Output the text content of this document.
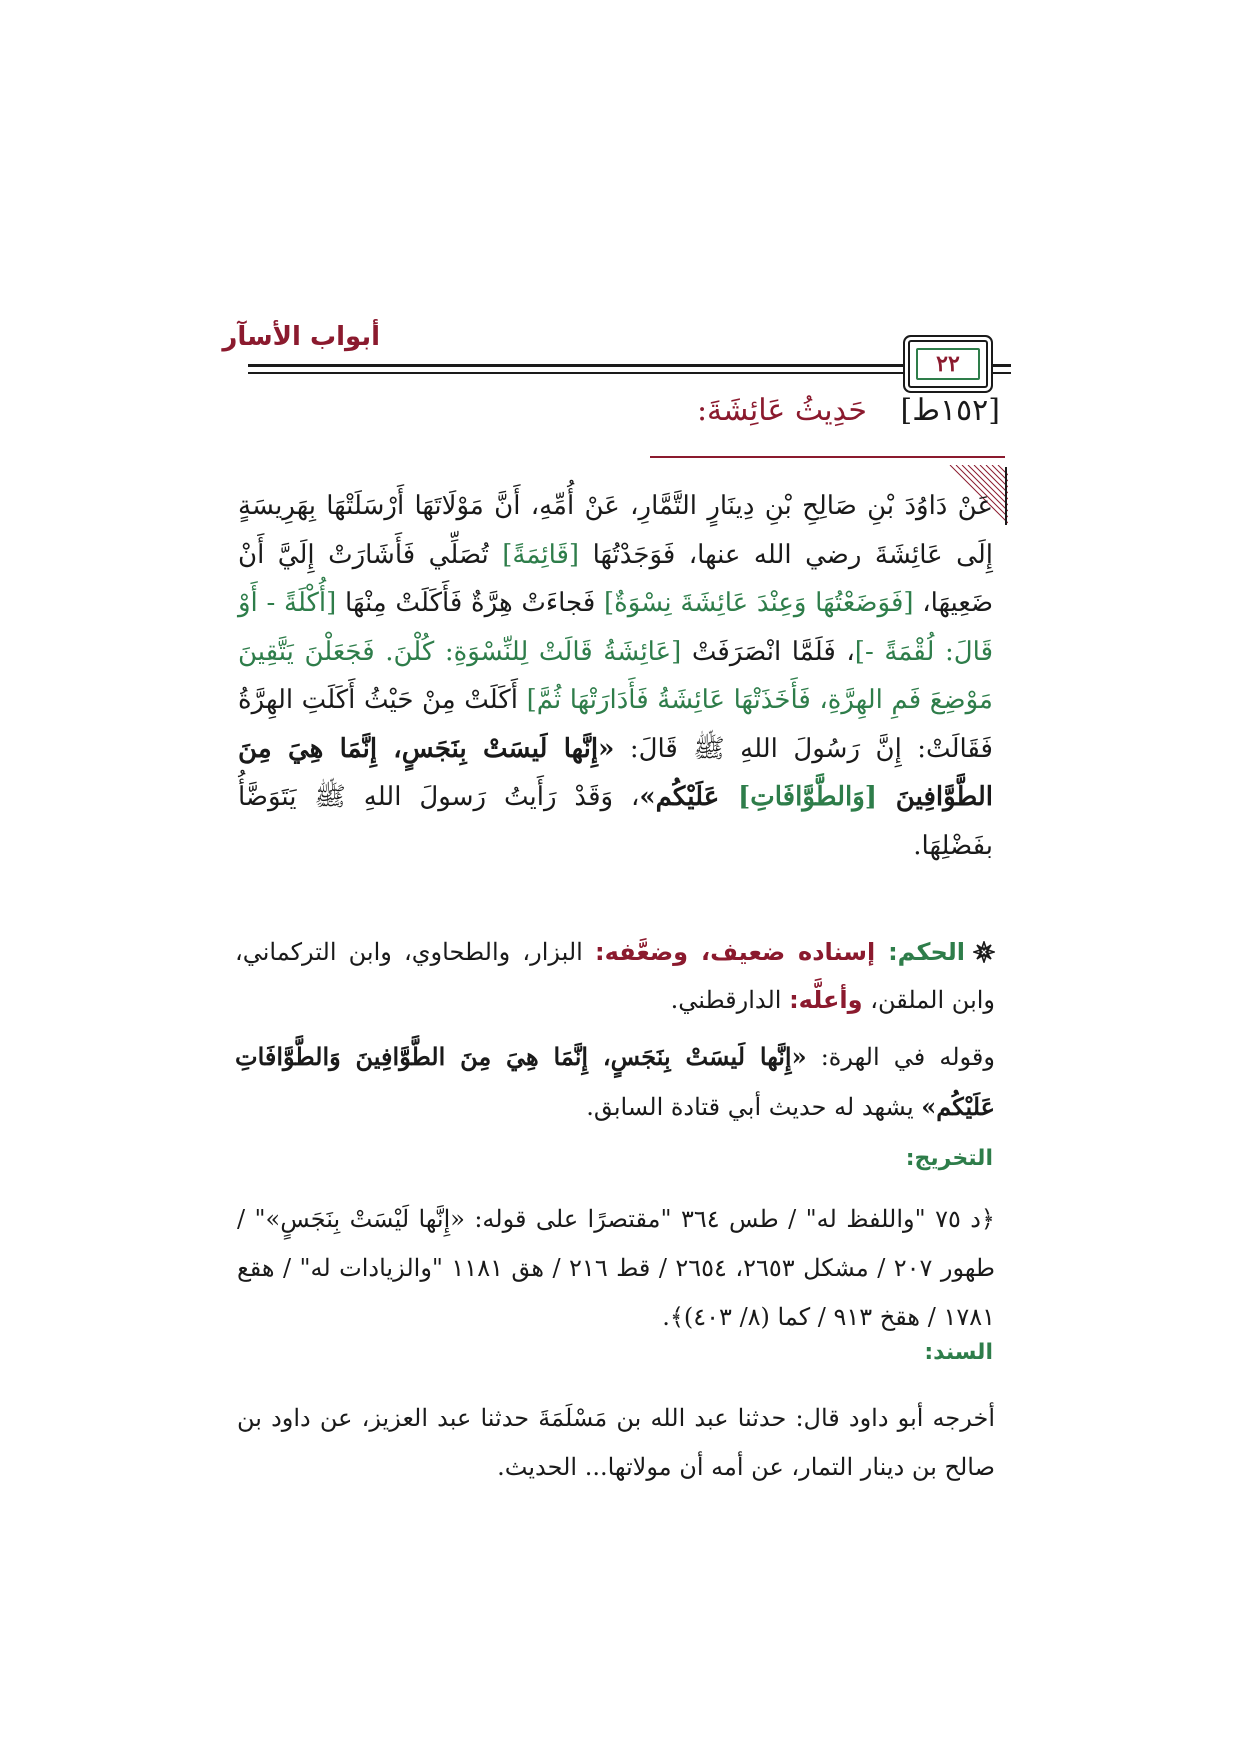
أبواب الأسآر
٢٢
[١٥٢ط] حَدِيثُ عَائِشَةَ:
عَنْ دَاوُدَ بْنِ صَالِحِ بْنِ دِينَارٍ التَّمَّارِ، عَنْ أُمِّهِ، أَنَّ مَوْلَاتَهَا أَرْسَلَتْهَا بِهَرِيسَةٍ إِلَى عَائِشَةَ رضي الله عنها، فَوَجَدْتُهَا [قَائِمَةً] تُصَلِّي فَأَشَارَتْ إِلَيَّ أَنْ ضَعِيهَا، [فَوَضَعْتُهَا وَعِنْدَ عَائِشَةَ نِسْوَةٌ] فَجاءَتْ هِرَّةٌ فَأَكَلَتْ مِنْهَا [أُكْلَةً - أَوْ قَالَ: لُقْمَةً -]، فَلَمَّا انْصَرَفَتْ [عَائِشَةُ قَالَتْ لِلنِّسْوَةِ: كُلْنَ. فَجَعَلْنَ يَتَّقِينَ مَوْضِعَ فَمِ الهِرَّةِ، فَأَخَذَتْهَا عَائِشَةُ فَأَدَارَتْهَا ثُمَّ] أَكَلَتْ مِنْ حَيْثُ أَكَلَتِ الهِرَّةُ فَقَالَتْ: إِنَّ رَسُولَ اللهِ ﷺ قَالَ: «إِنَّها لَيسَتْ بِنَجَسٍ، إِنَّمَا هِيَ مِنَ الطَّوَّافِينَ [وَالطَّوَّافَاتِ] عَلَيْكُم»، وَقَدْ رَأَيتُ رَسولَ اللهِ ﷺ يَتَوَضَّأُ بفَضْلِهَا.
الحكم: إسناده ضعيف، وضعَّفه: البزار، والطحاوي، وابن التركماني، وابن الملقن، وأعلَّه: الدارقطني.
وقوله في الهرة: «إِنَّها لَيسَتْ بِنَجَسٍ، إِنَّمَا هِيَ مِنَ الطَّوَّافِينَ وَالطَّوَّافَاتِ عَلَيْكُم» يشهد له حديث أبي قتادة السابق.
التخريج:
﴿د ٧٥ "واللفظ له" / طس ٣٦٤ "مقتصرًا على قوله: «إِنَّها لَيْسَتْ بِنَجَسٍ»" / طهور ٢٠٧ / مشكل ٢٦٥٣، ٢٦٥٤ / قط ٢١٦ / هق ١١٨١ "والزيادات له" / هقع ١٧٨١ / هقخ ٩١٣ / كما (٨/ ٤٠٣)﴾.
السند:
أخرجه أبو داود قال: حدثنا عبد الله بن مَسْلَمَةَ حدثنا عبد العزيز، عن داود بن صالح بن دينار التمار، عن أمه أن مولاتها... الحديث.
